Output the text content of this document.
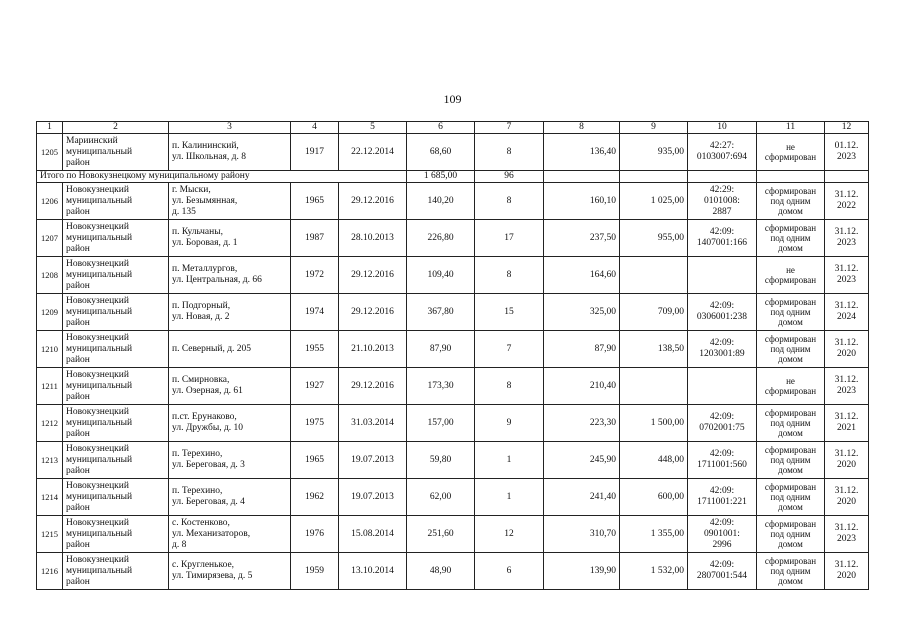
109
1	2	3	4	5	6	7	8	9	10	11	12
1205	Мариинский
муниципальный
район	п. Калининский,
ул. Школьная, д. 8	1917	22.12.2014	68,60	8	136,40	935,00	42:27:
0103007:694	не
сформирован	01.12.
2023
Итого по Новокузнецкому муниципальному району					1 685,00	96					
1206	Новокузнецкий
муниципальный
район	г. Мыски,
ул. Безымянная,
д. 135	1965	29.12.2016	140,20	8	160,10	1 025,00	42:29:
0101008:
2887	сформирован
под одним
домом	31.12.
2022
1207	Новокузнецкий
муниципальный
район	п. Кульчаны,
ул. Боровая, д. 1	1987	28.10.2013	226,80	17	237,50	955,00	42:09:
1407001:166	сформирован
под одним
домом	31.12.
2023
1208	Новокузнецкий
муниципальный
район	п. Металлургов,
ул. Центральная, д. 66	1972	29.12.2016	109,40	8	164,60			не
сформирован	31.12.
2023
1209	Новокузнецкий
муниципальный
район	п. Подгорный,
ул. Новая, д. 2	1974	29.12.2016	367,80	15	325,00	709,00	42:09:
0306001:238	сформирован
под одним
домом	31.12.
2024
1210	Новокузнецкий
муниципальный
район	п. Северный, д. 205	1955	21.10.2013	87,90	7	87,90	138,50	42:09:
1203001:89	сформирован
под одним
домом	31.12.
2020
1211	Новокузнецкий
муниципальный
район	п. Смирновка,
ул. Озерная, д. 61	1927	29.12.2016	173,30	8	210,40			не
сформирован	31.12.
2023
1212	Новокузнецкий
муниципальный
район	п.ст. Ерунаково,
ул. Дружбы, д. 10	1975	31.03.2014	157,00	9	223,30	1 500,00	42:09:
0702001:75	сформирован
под одним
домом	31.12.
2021
1213	Новокузнецкий
муниципальный
район	п. Терехино,
ул. Береговая, д. 3	1965	19.07.2013	59,80	1	245,90	448,00	42:09:
1711001:560	сформирован
под одним
домом	31.12.
2020
1214	Новокузнецкий
муниципальный
район	п. Терехино,
ул. Береговая, д. 4	1962	19.07.2013	62,00	1	241,40	600,00	42:09:
1711001:221	сформирован
под одним
домом	31.12.
2020
1215	Новокузнецкий
муниципальный
район	с. Костенково,
ул. Механизаторов,
д. 8	1976	15.08.2014	251,60	12	310,70	1 355,00	42:09:
0901001:
2996	сформирован
под одним
домом	31.12.
2023
1216	Новокузнецкий
муниципальный
район	с. Кругленькое,
ул. Тимирязева, д. 5	1959	13.10.2014	48,90	6	139,90	1 532,00	42:09:
2807001:544	сформирован
под одним
домом	31.12.
2020
